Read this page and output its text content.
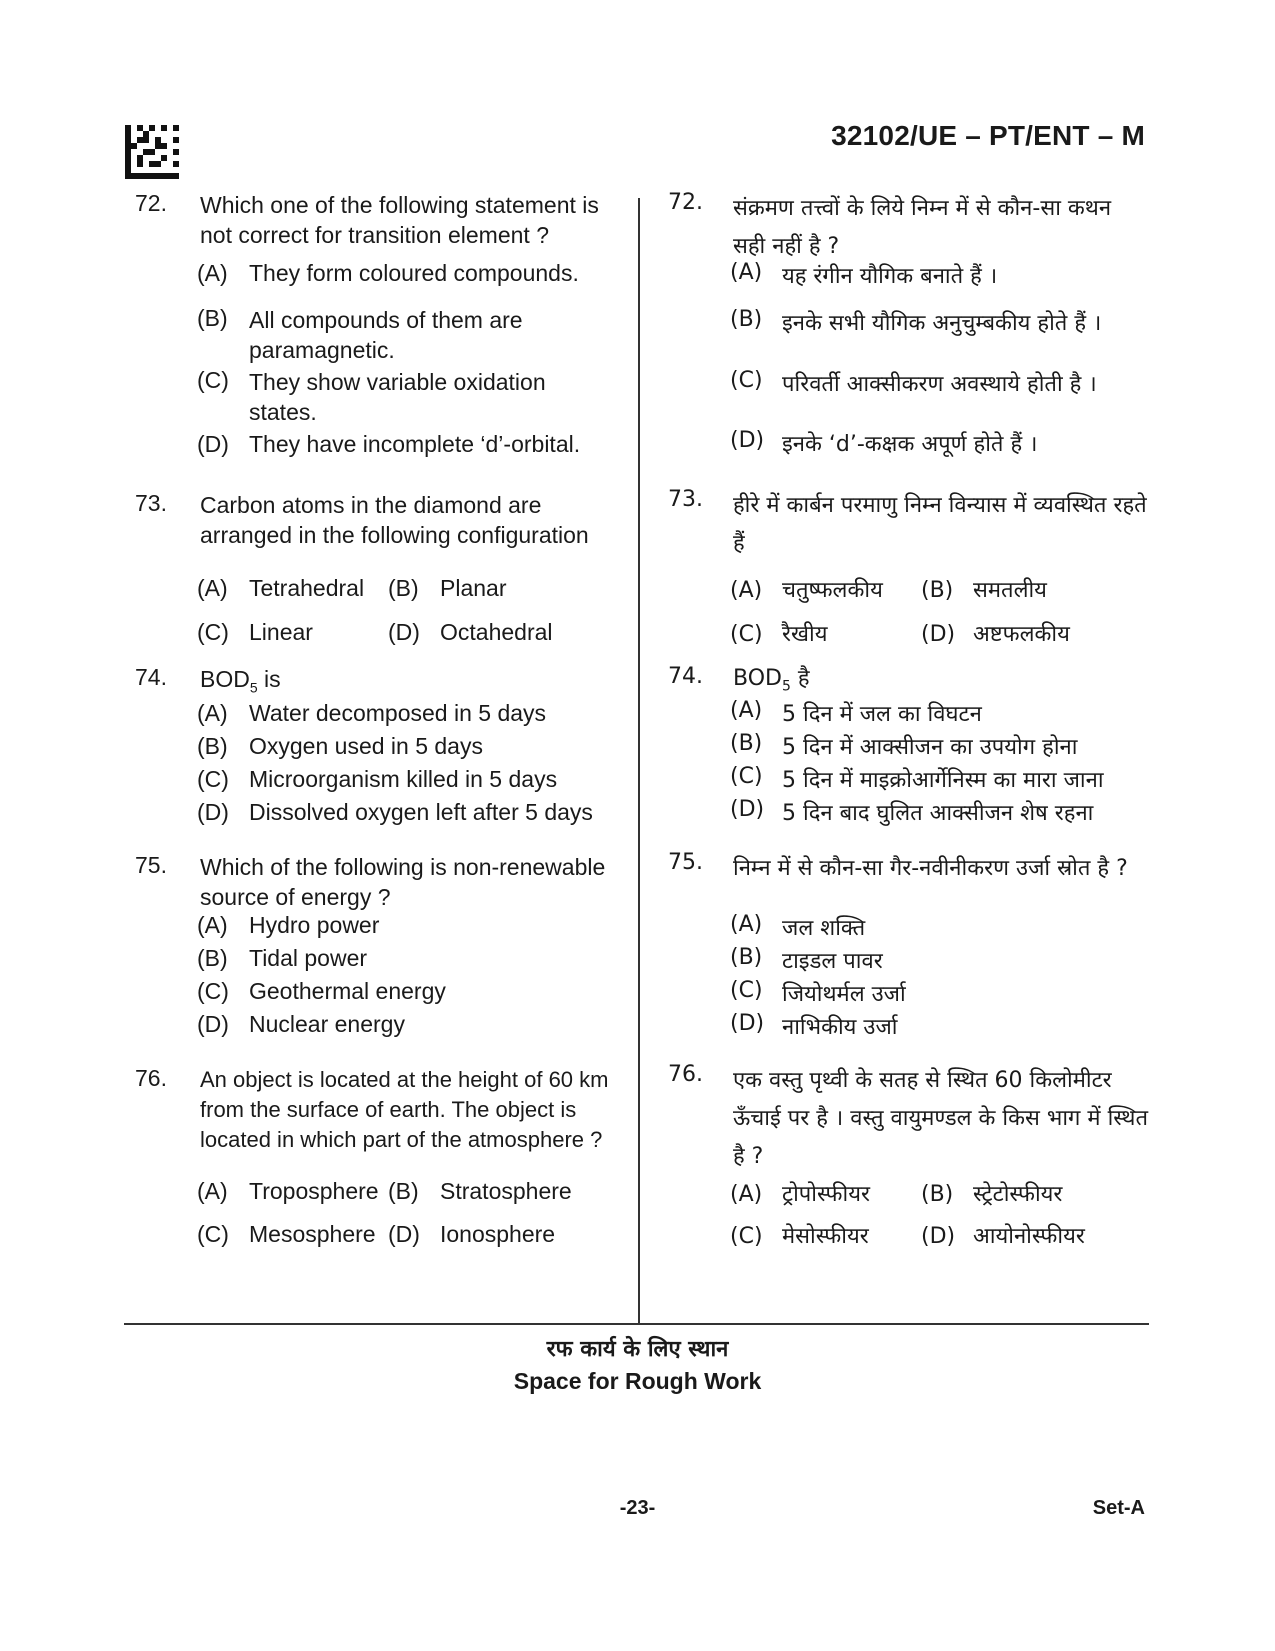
32102/UE – PT/ENT – M
72. Which one of the following statement is not correct for transition element ?
(A) They form coloured compounds.
(B) All compounds of them are paramagnetic.
(C) They show variable oxidation states.
(D) They have incomplete ‘d’-orbital.
73. Carbon atoms in the diamond are arranged in the following configuration
(A) Tetrahedral (B) Planar
(C) Linear	(D) Octahedral
74. $BOD_5$ is
(A) Water decomposed in 5 days
(B) Oxygen used in 5 days
(C) Microorganism killed in 5 days
(D) Dissolved oxygen left after 5 days
75. Which of the following is non-renewable source of energy ?
(A) Hydro power
(B) Tidal power
(C) Geothermal energy
(D) Nuclear energy
76. An object is located at the height of 60 km from the surface of earth. The object is located in which part of the atmosphere ?
(A) Troposphere (B) Stratosphere
(C) Mesosphere (D) Ionosphere
72. संक्रमण तत्त्वों के लिये निम्न में से कौन-सा कथन सही नहीं है ?
(A) यह रंगीन यौगिक बनाते हैं ।
(B) इनके सभी यौगिक अनुचुम्बकीय होते हैं ।
(C) परिवर्ती आक्सीकरण अवस्थाये होती है ।
(D) इनके ‘d’-कक्षक अपूर्ण होते हैं ।
73. हीरे में कार्बन परमाणु निम्न विन्यास में व्यवस्थित रहते हैं
(A) चतुष्फलकीय (B) समतलीय
(C) रैखीय	(D) अष्टफलकीय
74. $BOD_5$ है
(A) 5 दिन में जल का विघटन
(B) 5 दिन में आक्सीजन का उपयोग होना
(C) 5 दिन में माइक्रोआर्गेनिस्म का मारा जाना
(D) 5 दिन बाद घुलित आक्सीजन शेष रहना
75. निम्न में से कौन-सा गैर-नवीनीकरण उर्जा स्रोत है ?
(A) जल शक्ति
(B) टाइडल पावर
(C) जियोथर्मल उर्जा
(D) नाभिकीय उर्जा
76. एक वस्तु पृथ्वी के सतह से स्थित 60 किलोमीटर ऊँचाई पर है । वस्तु वायुमण्डल के किस भाग में स्थित है ?
(A) ट्रोपोस्फीयर (B) स्ट्रेटोस्फीयर
(C) मेसोस्फीयर (D) आयोनोस्फीयर
रफ कार्य के लिए स्थान
Space for Rough Work
-23-	Set-A
